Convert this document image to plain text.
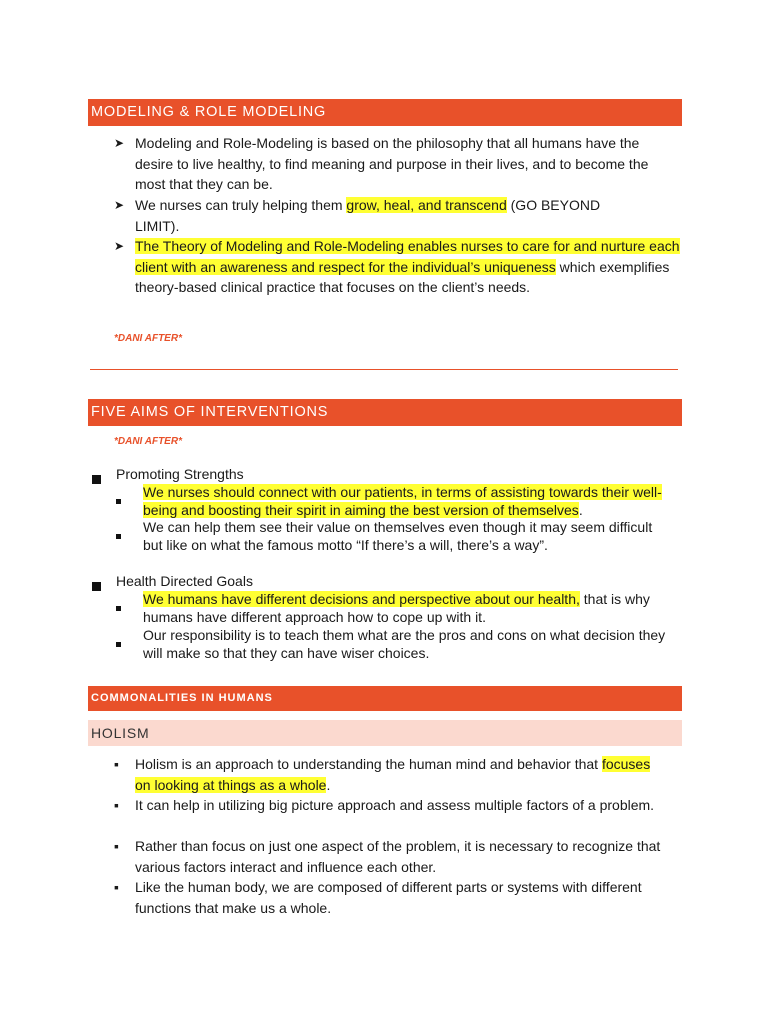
MODELING & ROLE MODELING
➤ Modeling and Role-Modeling is based on the philosophy that all humans have the desire to live healthy, to find meaning and purpose in their lives, and to become the most that they can be.
➤ We nurses can truly helping them grow, heal, and transcend (GO BEYOND LIMIT).
➤ The Theory of Modeling and Role-Modeling enables nurses to care for and nurture each client with an awareness and respect for the individual’s uniqueness which exemplifies theory-based clinical practice that focuses on the client’s needs.
*DANI AFTER*
FIVE AIMS OF INTERVENTIONS
*DANI AFTER*
Promoting Strengths
We nurses should connect with our patients, in terms of assisting towards their well-being and boosting their spirit in aiming the best version of themselves.
We can help them see their value on themselves even though it may seem difficult but like on what the famous motto “If there’s a will, there’s a way”.
Health Directed Goals
We humans have different decisions and perspective about our health, that is why humans have different approach how to cope up with it.
Our responsibility is to teach them what are the pros and cons on what decision they will make so that they can have wiser choices.
COMMONALITIES IN HUMANS
HOLISM
▪ Holism is an approach to understanding the human mind and behavior that focuses on looking at things as a whole.
▪ It can help in utilizing big picture approach and assess multiple factors of a problem.
▪ Rather than focus on just one aspect of the problem, it is necessary to recognize that various factors interact and influence each other.
▪ Like the human body, we are composed of different parts or systems with different functions that make us a whole.
